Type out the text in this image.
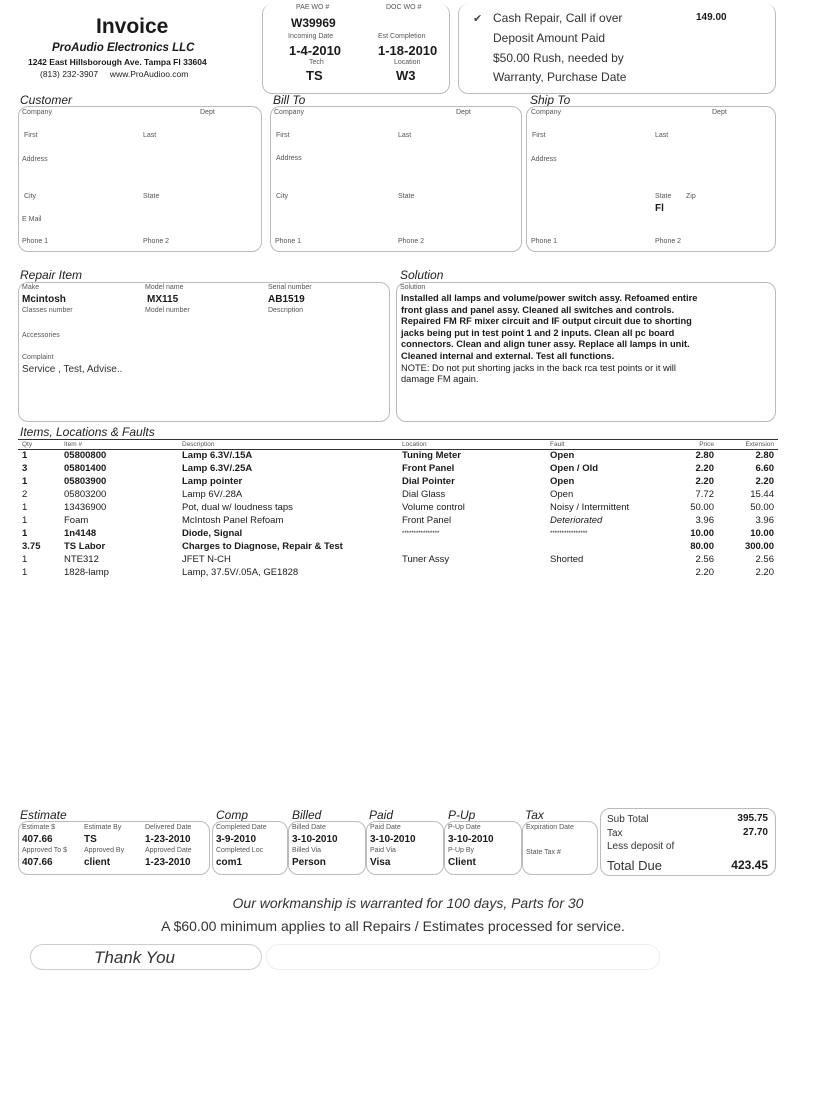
Invoice
ProAudio Electronics LLC
1242 East Hillsborough Ave. Tampa Fl 33604
(813) 232-3907     www.ProAudioo.com
PAE WO #	DOC WO #
W39969
Incoming Date	Est Completion
1-4-2010	1-18-2010
Tech	Location
TS	W3
✔ Cash Repair, Call if over	149.00
Deposit Amount Paid
$50.00 Rush, needed by
Warranty, Purchase Date
Customer	Bill To	Ship To
Company	Dept
First	Last
Address
City	State
E Mail
Phone 1	Phone 2
Company	Dept
First	Last
Address
City	State
Phone 1	Phone 2
Company	Dept
First	Last
Address
State Zip
Fl
Phone 1	Phone 2
Repair Item	Solution
Make	Model name	Serial number
Mcintosh	MX115	AB1519
Classes number	Model number	Description
Accessories
Complaint
Service , Test, Advise..
Solution
Installed all lamps and volume/power switch assy. Refoamed entire
front glass and panel assy. Cleaned all switches and controls.
Repaired FM RF mixer circuit and IF output circuit due to shorting
jacks being put in test point 1 and 2 inputs. Clean all pc board
connectors. Clean and align tuner assy. Replace all lamps in unit.
Cleaned internal and external. Test all functions.
NOTE: Do not put shorting jacks in the back rca test points or it will
damage FM again.
Items, Locations & Faults
Qty	Item #	Description	Location	Fault	Price	Extension
1	05800800	Lamp 6.3V/.15A	Tuning Meter	Open	2.80	2.80
3	05801400	Lamp 6.3V/.25A	Front Panel	Open / Old	2.20	6.60
1	05803900	Lamp pointer	Dial Pointer	Open	2.20	2.20
2	05803200	Lamp 6V/.28A	Dial Glass	Open	7.72	15.44
1	13436900	Pot, dual w/ loudness taps	Volume control	Noisy / Intermittent	50.00	50.00
1	Foam	McIntosh Panel Refoam	Front Panel	Deteriorated	3.96	3.96
1	1n4148	Diode, Signal	****************	****************	10.00	10.00
3.75	TS Labor	Charges to Diagnose, Repair & Test			80.00	300.00
1	NTE312	JFET N-CH	Tuner Assy	Shorted	2.56	2.56
1	1828-lamp	Lamp, 37.5V/.05A, GE1828			2.20	2.20
Estimate	Comp	Billed	Paid	P-Up	Tax
Estimate $	Estimate By	Delivered Date
407.66	TS	1-23-2010
Approved To $ Approved By	Approved Date
407.66	client	1-23-2010
Completed Date
3-9-2010
Completed Loc
com1
Billed Date
3-10-2010
Billed Via
Person
Paid Date
3-10-2010
Paid Via
Visa
P-Up Date
3-10-2010
P-Up By
Client
Expiration Date
State Tax #
Sub Total	395.75
Tax	27.70
Less deposit of
Total Due	423.45
Our workmanship is warranted for 100 days, Parts for 30
A $60.00 minimum applies to all Repairs / Estimates processed for service.
Thank You
